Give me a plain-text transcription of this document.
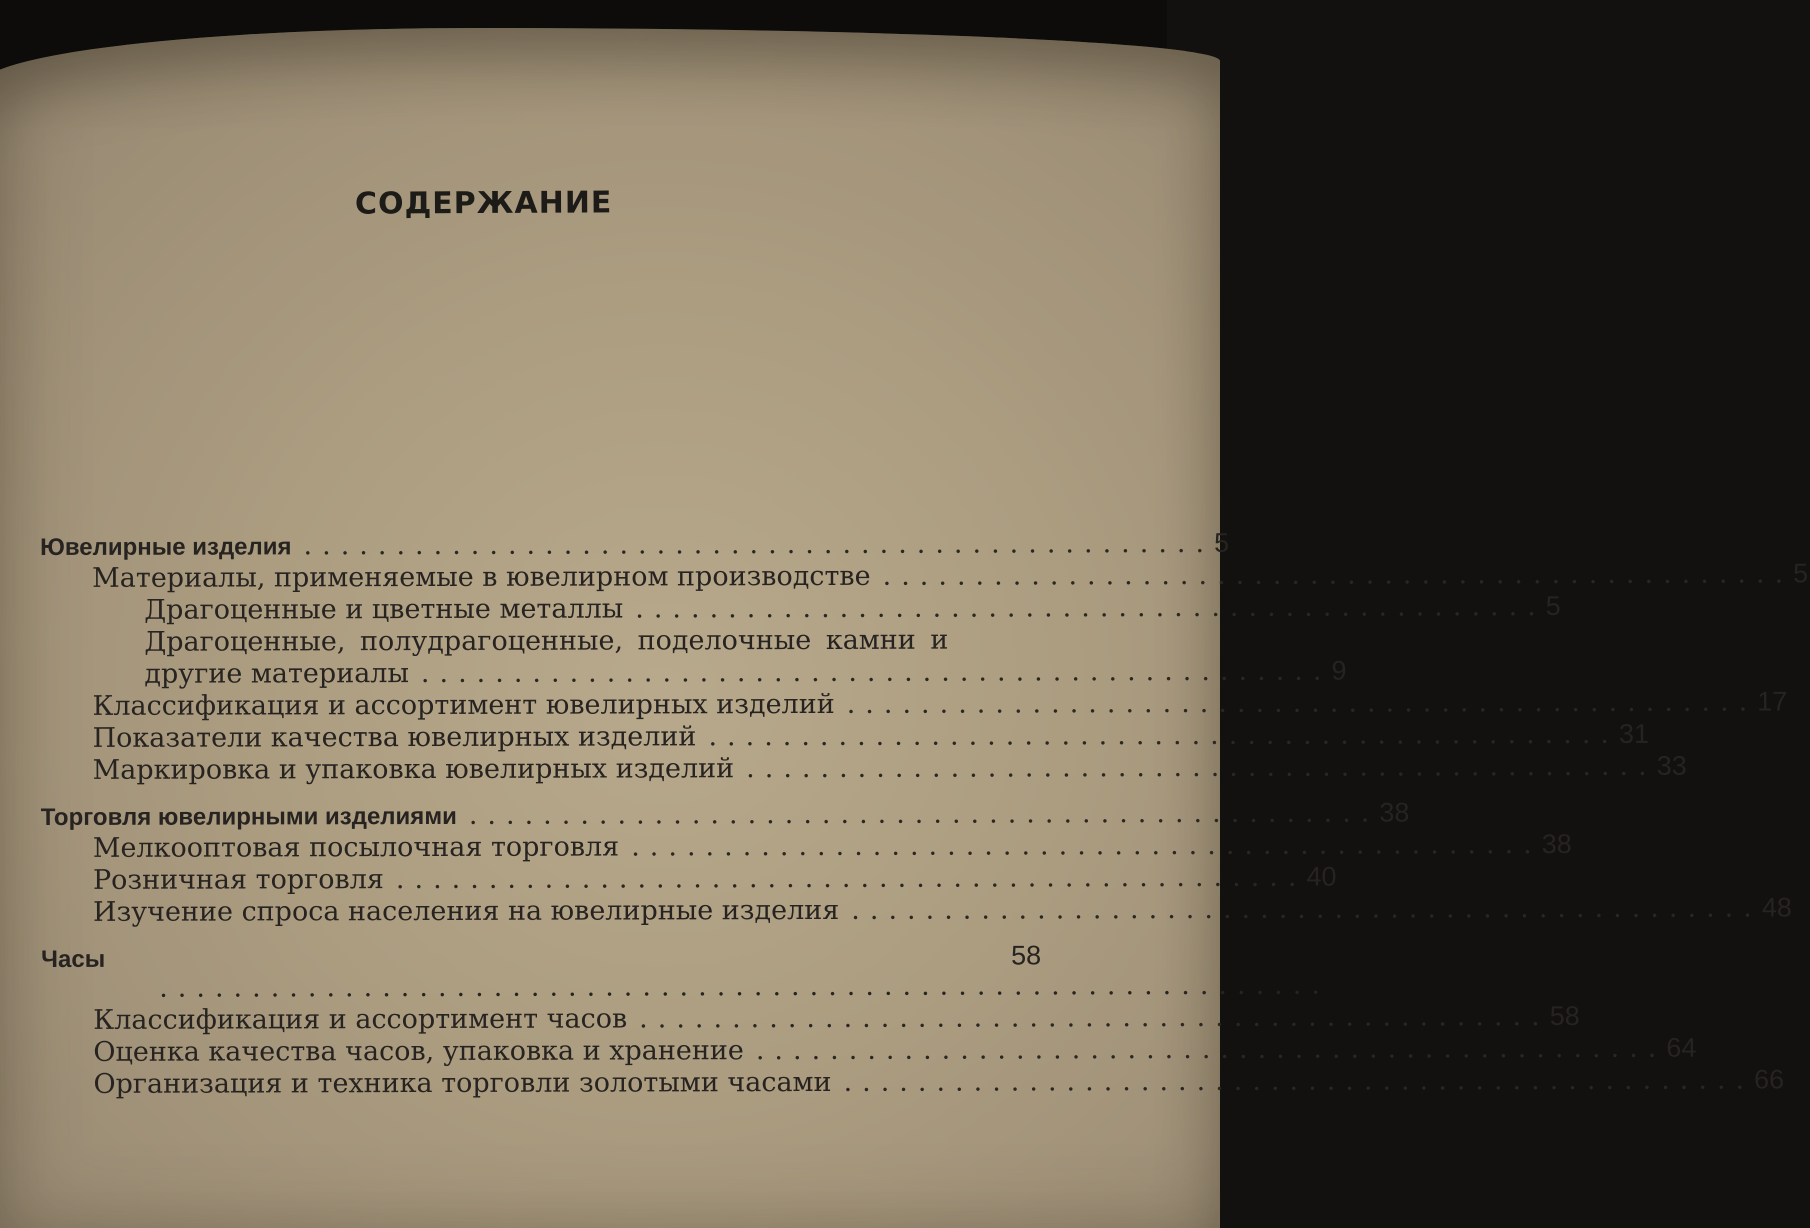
СОДЕРЖАНИЕ
Ювелирные изделия ................................................. 5
Материалы, применяемые в ювелирном производстве ................................................. 5
Драгоценные и цветные металлы ................................................. 5
Драгоценные, полудрагоценные, поделочные камни и
другие материалы ................................................. 9
Классификация и ассортимент ювелирных изделий ................................................. 17
Показатели качества ювелирных изделий ................................................. 31
Маркировка и упаковка ювелирных изделий ................................................. 33
Торговля ювелирными изделиями ................................................. 38
Мелкооптовая посылочная торговля ................................................. 38
Розничная торговля ................................................. 40
Изучение спроса населения на ювелирные изделия ................................................. 48
Часы	58
...............................................................
Классификация и ассортимент часов ................................................. 58
Оценка качества часов, упаковка и хранение ................................................. 64
Организация и техника торговли золотыми часами ................................................. 66
